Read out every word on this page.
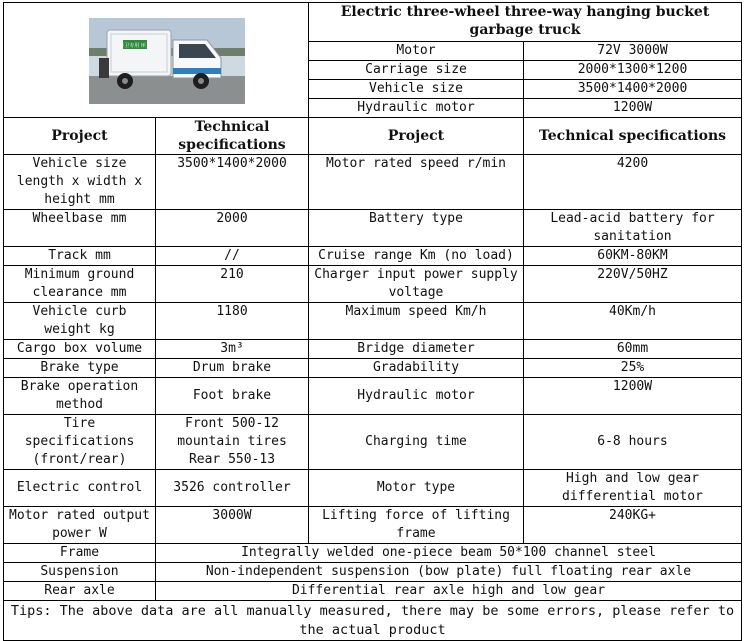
环卫专用 环卫		Electric three-wheel three-way hanging bucket garbage truck	
		Motor	72V 3000W
		Carriage size	2000*1300*1200
		Vehicle size	3500*1400*2000
		Hydraulic motor	1200W
Project	Technical specifications	Project	Technical specifications
Vehicle size length x width x height mm	3500*1400*2000	Motor rated speed r/min	4200
Wheelbase mm	2000	Battery type	Lead-acid battery for sanitation
Track mm	//	Cruise range Km (no load)	60KM-80KM
Minimum ground clearance mm	210	Charger input power supply voltage	220V/50HZ
Vehicle curb weight kg	1180	Maximum speed Km/h	40Km/h
Cargo box volume	3m³	Bridge diameter	60mm
Brake type	Drum brake	Gradability	25%
Brake operation method	Foot brake	Hydraulic motor	1200W
Tire specifications (front/rear)	Front 500-12 mountain tires Rear 550-13	Charging time	6-8 hours
Electric control	3526 controller	Motor type	High and low gear differential motor
Motor rated output power W	3000W	Lifting force of lifting frame	240KG+
Frame	Integrally welded one-piece beam 50*100 channel steel		
Suspension	Non-independent suspension (bow plate) full floating rear axle		
Rear axle	Differential rear axle high and low gear		
Tips: The above data are all manually measured, there may be some errors, please refer to the actual product			
